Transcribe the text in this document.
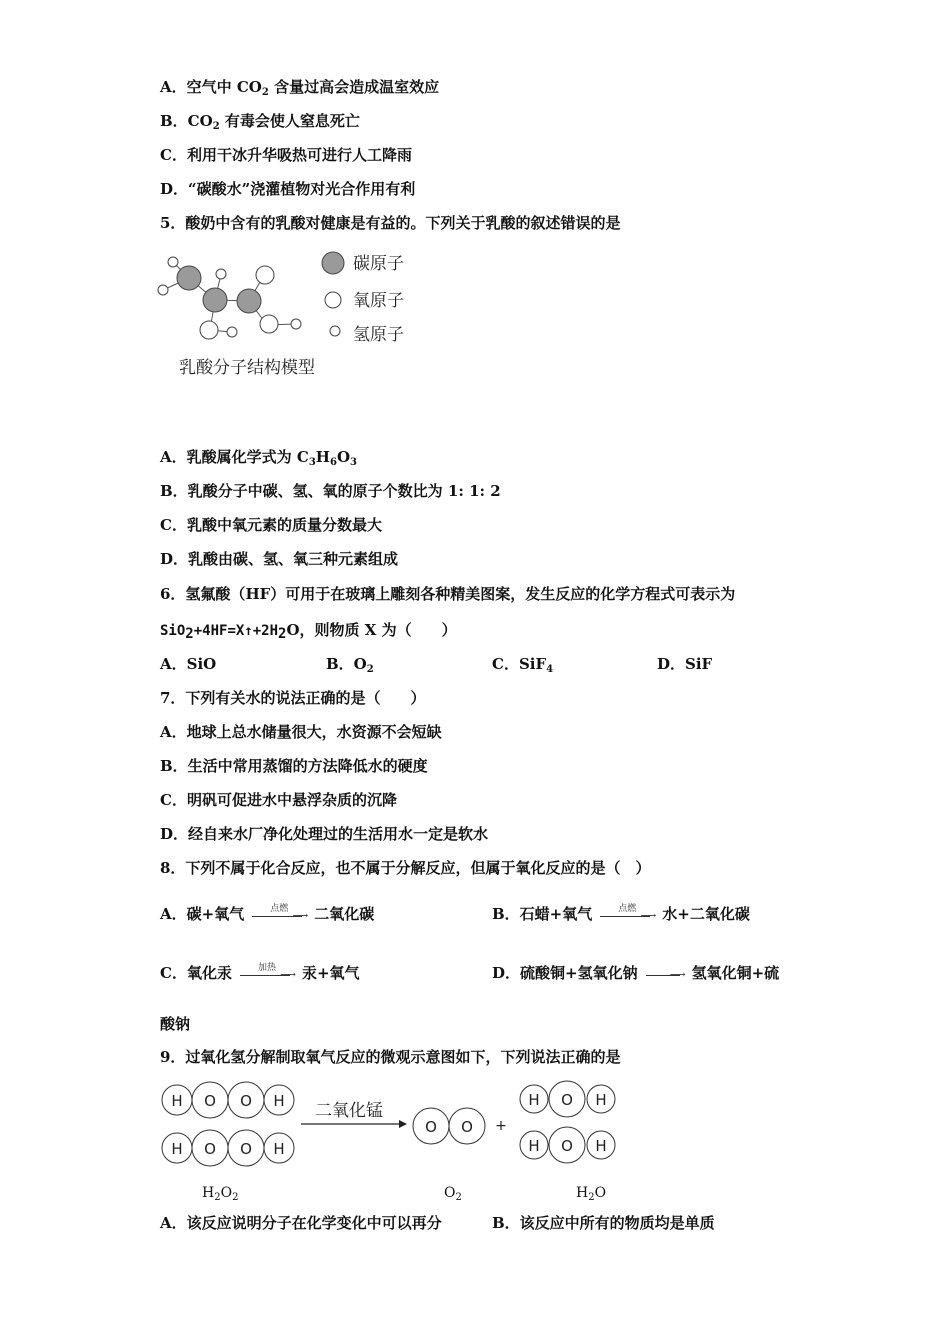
A．空气中 $CO_2$ 含量过高会造成温室效应
B．$CO_2$ 有毒会使人窒息死亡
C．利用干冰升华吸热可进行人工降雨
D．“碳酸水”浇灌植物对光合作用有利
5．酸奶中含有的乳酸对健康是有益的。下列关于乳酸的叙述错误的是
碳原子
氧原子
氢原子
乳酸分子结构模型
A．乳酸属化学式为 $C_3H_6O_3$
B．乳酸分子中碳、氢、氧的原子个数比为 1: 1: 2
C．乳酸中氧元素的质量分数最大
D．乳酸由碳、氢、氧三种元素组成
6．氢氟酸（HF）可用于在玻璃上雕刻各种精美图案，发生反应的化学方程式可表示为
$SiO_2+4HF=X↑+2H_2O$，则物质 X 为（　　）
A．SiO	B．$O_2$	C．SiF$_4$	D．SiF
7．下列有关水的说法正确的是（　　）
A．地球上总水储量很大，水资源不会短缺
B．生活中常用蒸馏的方法降低水的硬度
C．明矾可促进水中悬浮杂质的沉降
D．经自来水厂净化处理过的生活用水一定是软水
8．下列不属于化合反应，也不属于分解反应，但属于氧化反应的是（　）
A．碳+氧气	点燃 ⟶ 二氧化碳	B．石蜡+氧气	点燃 ⟶ 水+二氧化碳
C．氧化汞	加热 ⟶ 汞+氧气	D．硫酸铜+氢氧化钠	⟶ 氢氧化铜+硫
酸钠
9．过氧化氢分解制取氧气反应的微观示意图如下，下列说法正确的是
H O O H
H O O H
O O
H O H
H O H
二氧化锰
+
$H_2O_2$	$O_2$	$H_2O$
A．该反应说明分子在化学变化中可以再分	B．该反应中所有的物质均是单质
